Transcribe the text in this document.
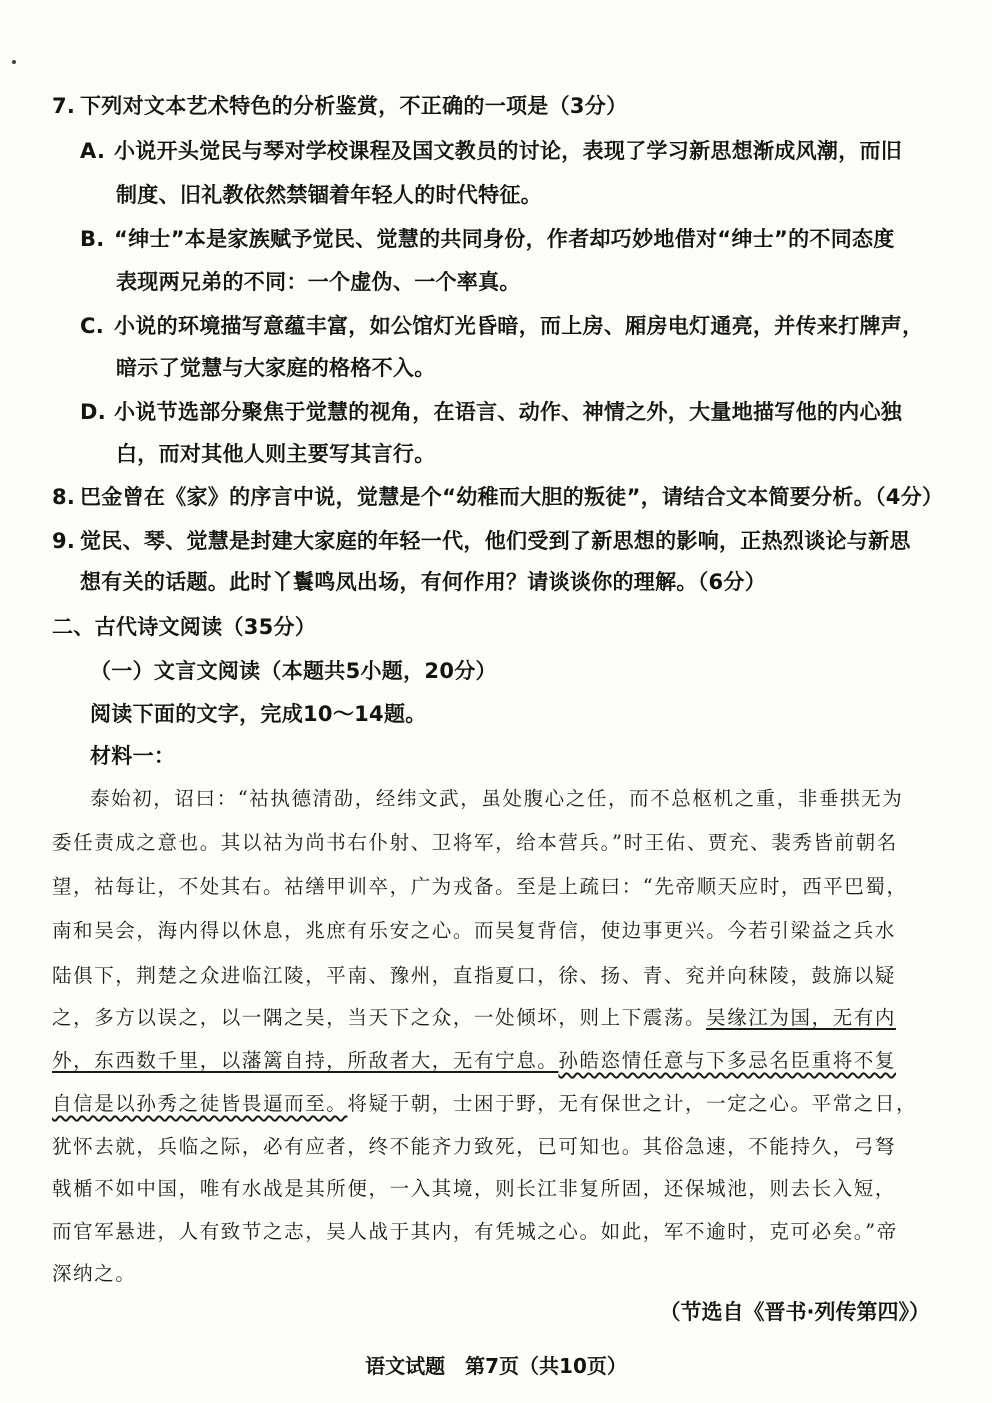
7. 下列对文本艺术特色的分析鉴赏，不正确的一项是（3分）
A. 小说开头觉民与琴对学校课程及国文教员的讨论，表现了学习新思想渐成风潮，而旧
制度、旧礼教依然禁锢着年轻人的时代特征。
B. “绅士”本是家族赋予觉民、觉慧的共同身份，作者却巧妙地借对“绅士”的不同态度
表现两兄弟的不同：一个虚伪、一个率真。
C. 小说的环境描写意蕴丰富，如公馆灯光昏暗，而上房、厢房电灯通亮，并传来打牌声，
暗示了觉慧与大家庭的格格不入。
D. 小说节选部分聚焦于觉慧的视角，在语言、动作、神情之外，大量地描写他的内心独
白，而对其他人则主要写其言行。
8. 巴金曾在《家》的序言中说，觉慧是个“幼稚而大胆的叛徒”，请结合文本简要分析。（4分）
9. 觉民、琴、觉慧是封建大家庭的年轻一代，他们受到了新思想的影响，正热烈谈论与新思
想有关的话题。此时丫鬟鸣凤出场，有何作用？请谈谈你的理解。（6分）
二、古代诗文阅读（35分）
（一）文言文阅读（本题共5小题，20分）
阅读下面的文字，完成10～14题。
材料一：
泰始初，诏曰：“祜执德清劭，经纬文武，虽处腹心之任，而不总枢机之重，非垂拱无为
委任责成之意也。其以祜为尚书右仆射、卫将军，给本营兵。”时王佑、贾充、裴秀皆前朝名
望，祜每让，不处其右。祜缮甲训卒，广为戎备。至是上疏曰：“先帝顺天应时，西平巴蜀，
南和吴会，海内得以休息，兆庶有乐安之心。而吴复背信，使边事更兴。今若引梁益之兵水
陆俱下，荆楚之众进临江陵，平南、豫州，直指夏口，徐、扬、青、兖并向秣陵，鼓旆以疑
之，多方以误之，以一隅之吴，当天下之众，一处倾坏，则上下震荡。吴缘江为国，无有内
外，东西数千里，以藩篱自持，所敌者大，无有宁息。孙皓恣情任意与下多忌名臣重将不复
自信是以孙秀之徒皆畏逼而至。将疑于朝，士困于野，无有保世之计，一定之心。平常之日，
犹怀去就，兵临之际，必有应者，终不能齐力致死，已可知也。其俗急速，不能持久，弓弩
戟楯不如中国，唯有水战是其所便，一入其境，则长江非复所固，还保城池，则去长入短，
而官军悬进，人有致节之志，吴人战于其内，有凭城之心。如此，军不逾时，克可必矣。”帝
深纳之。
（节选自《晋书·列传第四》）
语文试题　第7页（共10页）
